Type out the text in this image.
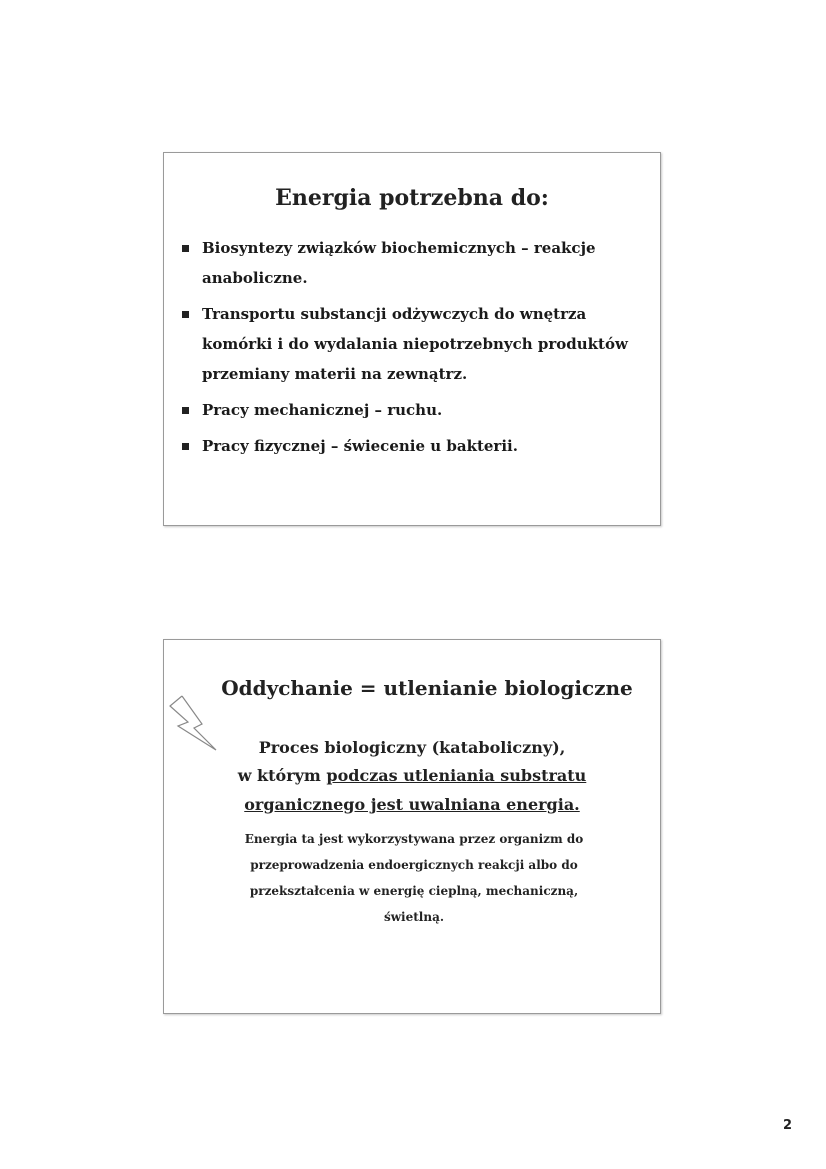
Energia potrzebna do:
Biosyntezy związków biochemicznych – reakcje anaboliczne.
Transportu substancji odżywczych do wnętrza komórki i do wydalania niepotrzebnych produktów przemiany materii na zewnątrz.
Pracy mechanicznej – ruchu.
Pracy fizycznej – świecenie u bakterii.
Oddychanie = utlenianie biologiczne
Proces biologiczny (kataboliczny),
w którym podczas utleniania substratu
organicznego jest uwalniana energia.
Energia ta jest wykorzystywana przez organizm do przeprowadzenia endoergicznych reakcji albo do przekształcenia w energię cieplną, mechaniczną, świetlną.
2
